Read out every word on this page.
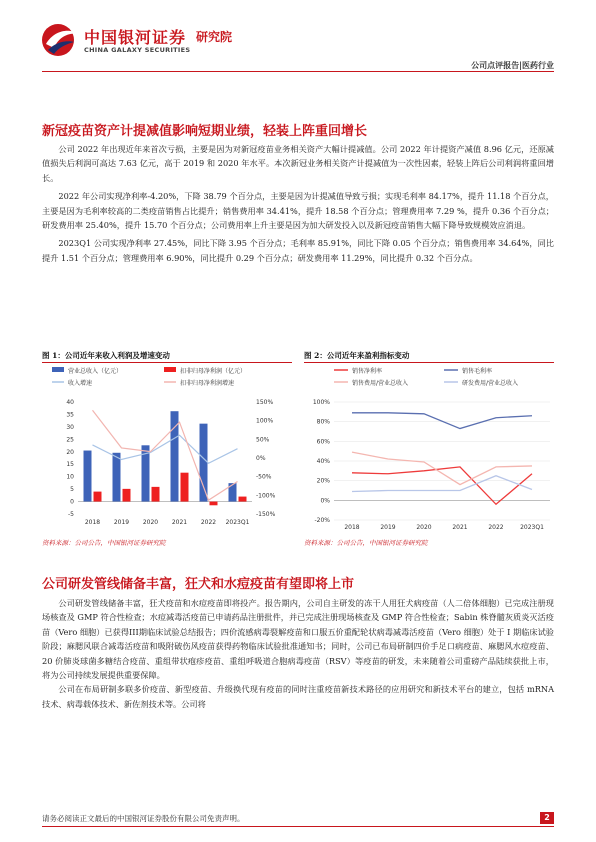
中国银河证券 研究院
CHINA GALAXY SECURITIES
公司点评报告|医药行业
新冠疫苗资产计提减值影响短期业绩，轻装上阵重回增长

公司 2022 年出现近年来首次亏损，主要是因为对新冠疫苗业务相关资产大幅计提减值。公司 2022 年计提资产减值 8.96 亿元，还原减值损失后利润可高达 7.63 亿元，高于 2019 和 2020 年水平。本次新冠业务相关资产计提减值为一次性因素，轻装上阵后公司利润将重回增长。

2022 年公司实现净利率-4.20%，下降 38.79 个百分点，主要是因为计提减值导致亏损；实现毛利率 84.17%，提升 11.18 个百分点，主要是因为毛利率较高的二类疫苗销售占比提升；销售费用率 34.41%，提升 18.58 个百分点；管理费用率 7.29 %，提升 0.36 个百分点；研发费用率 25.40%，提升 15.70 个百分点；公司费用率上升主要是因为加大研发投入以及新冠疫苗销售大幅下降导致规模效应消退。

2023Q1 公司实现净利率 27.45%，同比下降 3.95 个百分点；毛利率 85.91%，同比下降 0.05 个百分点；销售费用率 34.64%，同比提升 1.51 个百分点；管理费用率 6.90%，同比提升 0.29 个百分点；研发费用率 11.29%，同比提升 0.32 个百分点。

图 1：公司近年来收入利润及增速变动
营业总收入（亿元）	扣非归母净利润（亿元）
收入增速	扣非归母净利润增速
-5
0
5
10
15
20
25
30
35
40
-150%
-100%
-50%
0%
50%
100%
150%
2018 2019 2020 2021 2022 2023Q1
资料来源：公司公告，中国银河证券研究院
图 2：公司近年来盈利指标变动
销售净利率	销售毛利率
销售费用/营业总收入	研发费用/营业总收入
-20%
0%
20%
40%
60%
80%
100%
2018	2019	2020	2021	2022	2023Q1
资料来源：公司公告，中国银河证券研究院
公司研发管线储备丰富，狂犬和水痘疫苗有望即将上市

公司研发管线储备丰富，狂犬疫苗和水痘疫苗即将投产。报告期内，公司自主研发的冻干人用狂犬病疫苗（人二倍体细胞）已完成注册现场核查及 GMP 符合性检查；水痘减毒活疫苗已申请药品注册批件，并已完成注册现场核查及 GMP 符合性检查；Sabin 株脊髓灰质炎灭活疫苗（Vero 细胞）已获得III期临床试验总结报告；四价流感病毒裂解疫苗和口服五价重配轮状病毒减毒活疫苗（Vero 细胞）处于 I 期临床试验阶段；麻腮风联合减毒活疫苗和吸附破伤风疫苗获得药物临床试验批准通知书；同时，公司已布局研制四价手足口病疫苗、麻腮风水痘疫苗、20 价肺炎球菌多糖结合疫苗、重组带状疱疹疫苗、重组呼吸道合胞病毒疫苗（RSV）等疫苗的研发，未来随着公司重磅产品陆续获批上市，将为公司持续发展提供重要保障。

公司在布局研制多联多价疫苗、新型疫苗、升级换代现有疫苗的同时注重疫苗新技术路径的应用研究和新技术平台的建立，包括 mRNA 技术、病毒载体技术、新佐剂技术等。公司将

请务必阅读正文最后的中国银河证券股份有限公司免责声明。	2
